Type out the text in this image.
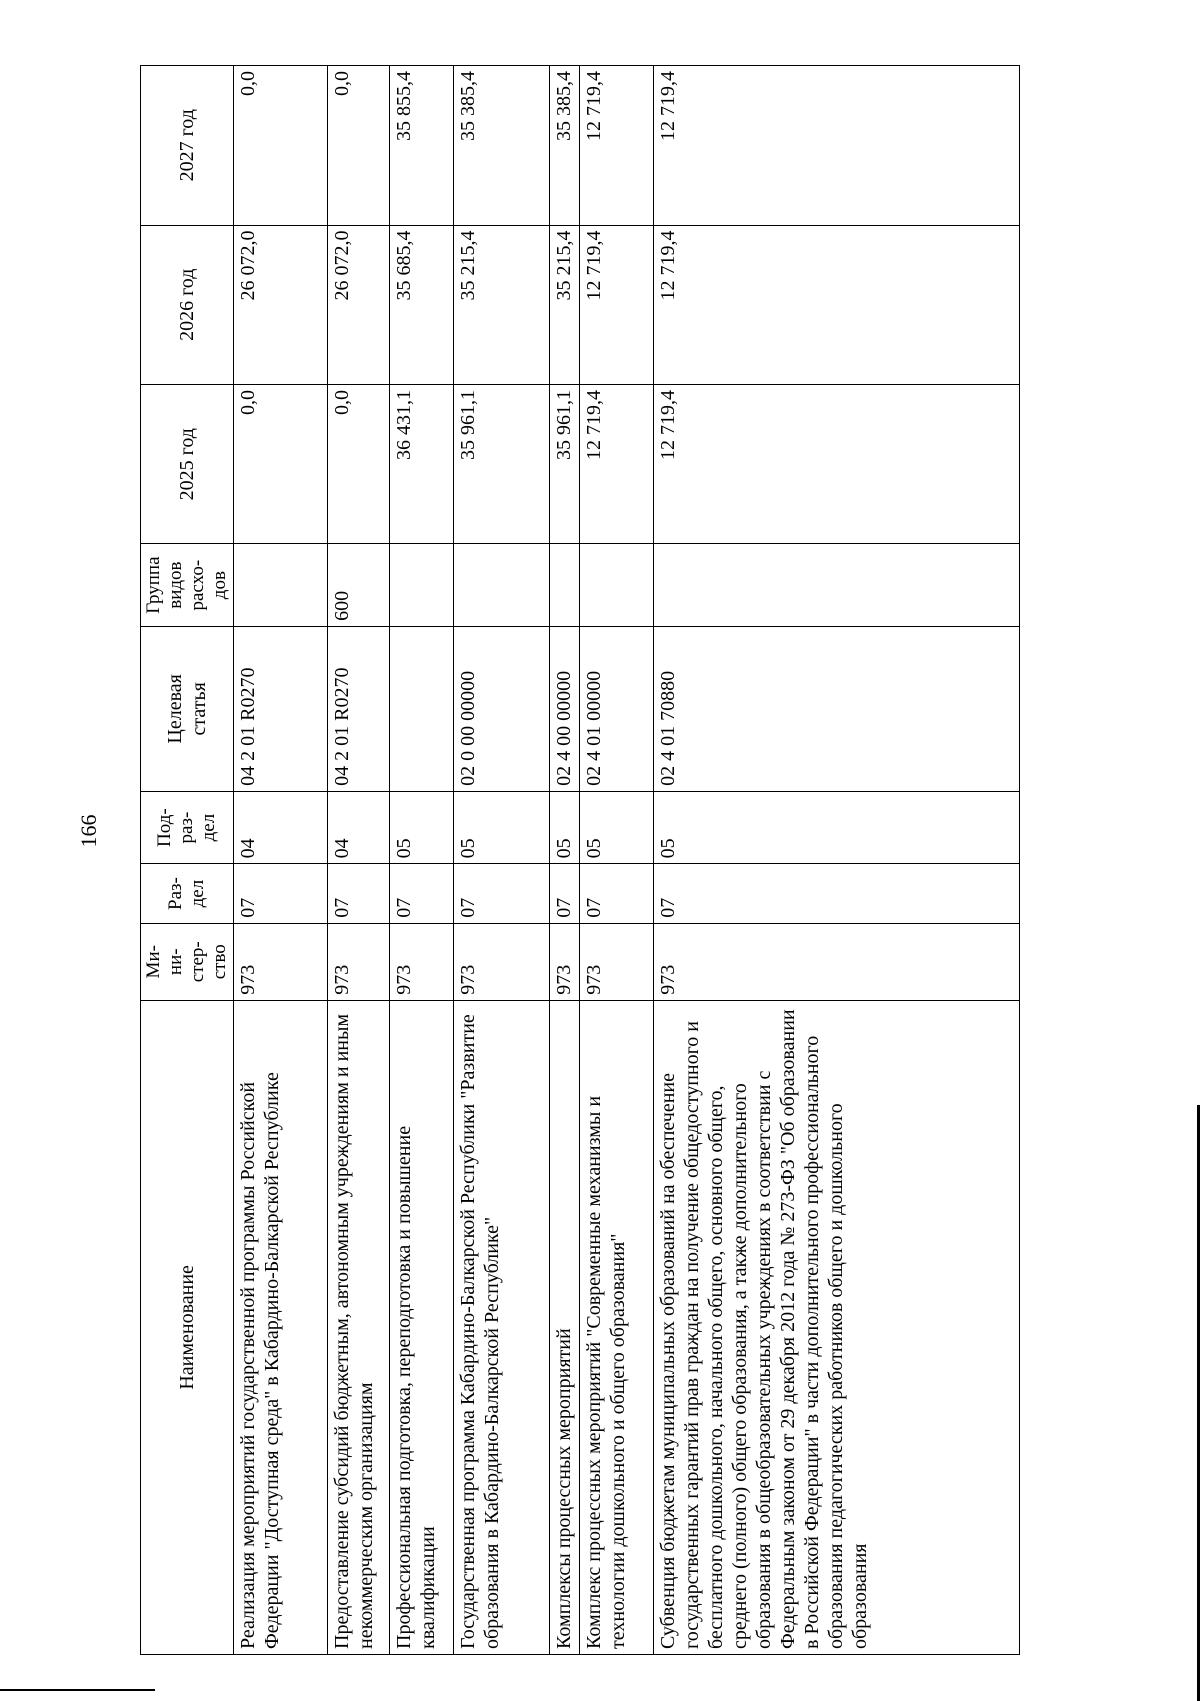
166
Наименование	Ми-
ни-
стер-
ство	Раз-
дел	Под-
раз-
дел	Целевая статья	Группа
видов
расхо-
дов	2025 год	2026 год	2027 год
Реализация мероприятий государственной программы Российской Федерации "Доступная среда" в Кабардино-Балкарской Республике	973	07	04	04 2 01 R0270		0,0	26 072,0	0,0
Предоставление субсидий бюджетным, автономным учреждениям и иным некоммерческим организациям	973	07	04	04 2 01 R0270	600	0,0	26 072,0	0,0
Профессиональная подготовка, переподготовка и повышение квалификации	973	07	05			36 431,1	35 685,4	35 855,4
Государственная программа Кабардино-Балкарской Республики "Развитие образования в Кабардино-Балкарской Республике"	973	07	05	02 0 00 00000		35 961,1	35 215,4	35 385,4
Комплексы процессных мероприятий	973	07	05	02 4 00 00000		35 961,1	35 215,4	35 385,4
Комплекс процессных мероприятий "Современные механизмы и технологии дошкольного и общего образования"	973	07	05	02 4 01 00000		12 719,4	12 719,4	12 719,4
Субвенция бюджетам муниципальных образований на обеспечение государственных гарантий прав граждан на получение общедоступного и бесплатного дошкольного, начального общего, основного общего, среднего (полного) общего образования, а также дополнительного образования в общеобразовательных учреждениях в соответствии с Федеральным законом от 29 декабря 2012 года № 273-ФЗ "Об образовании в Российской Федерации" в части дополнительного профессионального образования педагогических работников общего и дошкольного образования	973	07	05	02 4 01 70880		12 719,4	12 719,4	12 719,4
